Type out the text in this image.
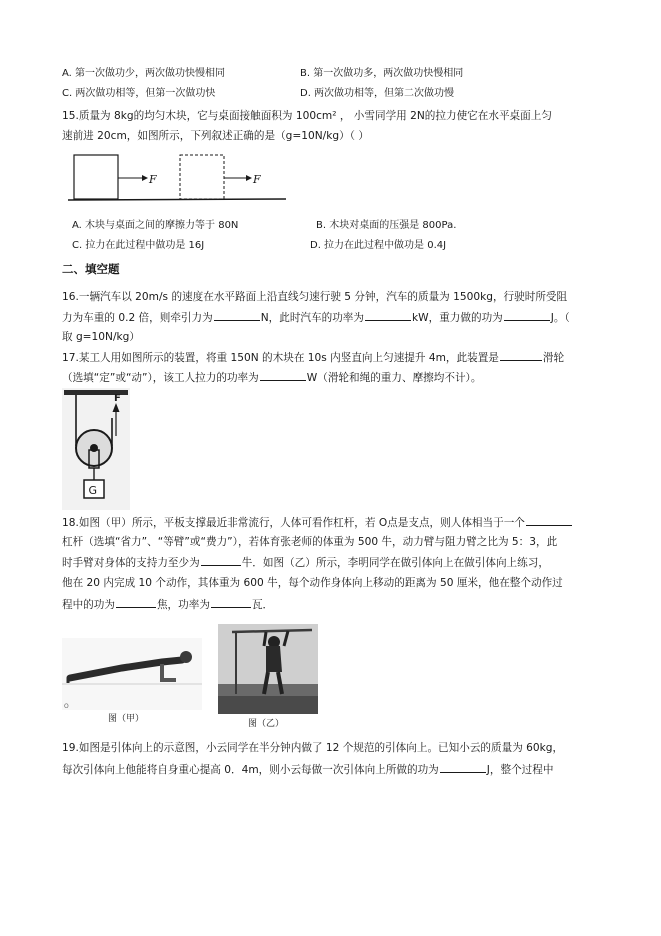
A. 第一次做功少，两次做功快慢相同	B. 第一次做功多，两次做功快慢相同
C. 两次做功相等，但第一次做功快	D. 两次做功相等，但第二次做功慢
15.质量为 8kg的均匀木块，它与桌面接触面积为 100cm² ， 小雪同学用 2N的拉力使它在水平桌面上匀
速前进 20cm，如图所示，下列叙述正确的是（g=10N/kg）（ ）
F	F
A. 木块与桌面之间的摩擦力等于 80N	B. 木块对桌面的压强是 800Pa.
C. 拉力在此过程中做功是 16J	D. 拉力在此过程中做功是 0.4J
二、填空题
16.一辆汽车以 20m/s 的速度在水平路面上沿直线匀速行驶 5 分钟，汽车的质量为 1500kg，行驶时所受阻
力为车重的 0.2 倍，则牵引力为	N，此时汽车的功率为	kW，重力做的功为	J。（
取 g=10N/kg）
17.某工人用如图所示的装置，将重 150N 的木块在 10s 内竖直向上匀速提升 4m，此装置是	滑轮
（选填“定”或“动”），该工人拉力的功率为	W（滑轮和绳的重力、摩擦均不计）。
F
G
18.如图（甲）所示，平板支撑最近非常流行，人体可看作杠杆，若 O点是支点，则人体相当于一个
杠杆（选填“省力”、“等臂”或“费力”），若体育张老师的体重为 500 牛，动力臂与阻力臂之比为 5：3，此
时手臂对身体的支持力至少为	牛．如图（乙）所示，李明同学在做引体向上在做引体向上练习，
他在 20 内完成 10 个动作，其体重为 600 牛，每个动作身体向上移动的距离为 50 厘米，他在整个动作过
程中的功为	焦，功率为	瓦．
O
图（甲）	图（乙）
19.如图是引体向上的示意图，小云同学在半分钟内做了 12 个规范的引体向上。已知小云的质量为 60kg，
每次引体向上他能将自身重心提高 0．4m，则小云每做一次引体向上所做的功为	J，整个过程中
